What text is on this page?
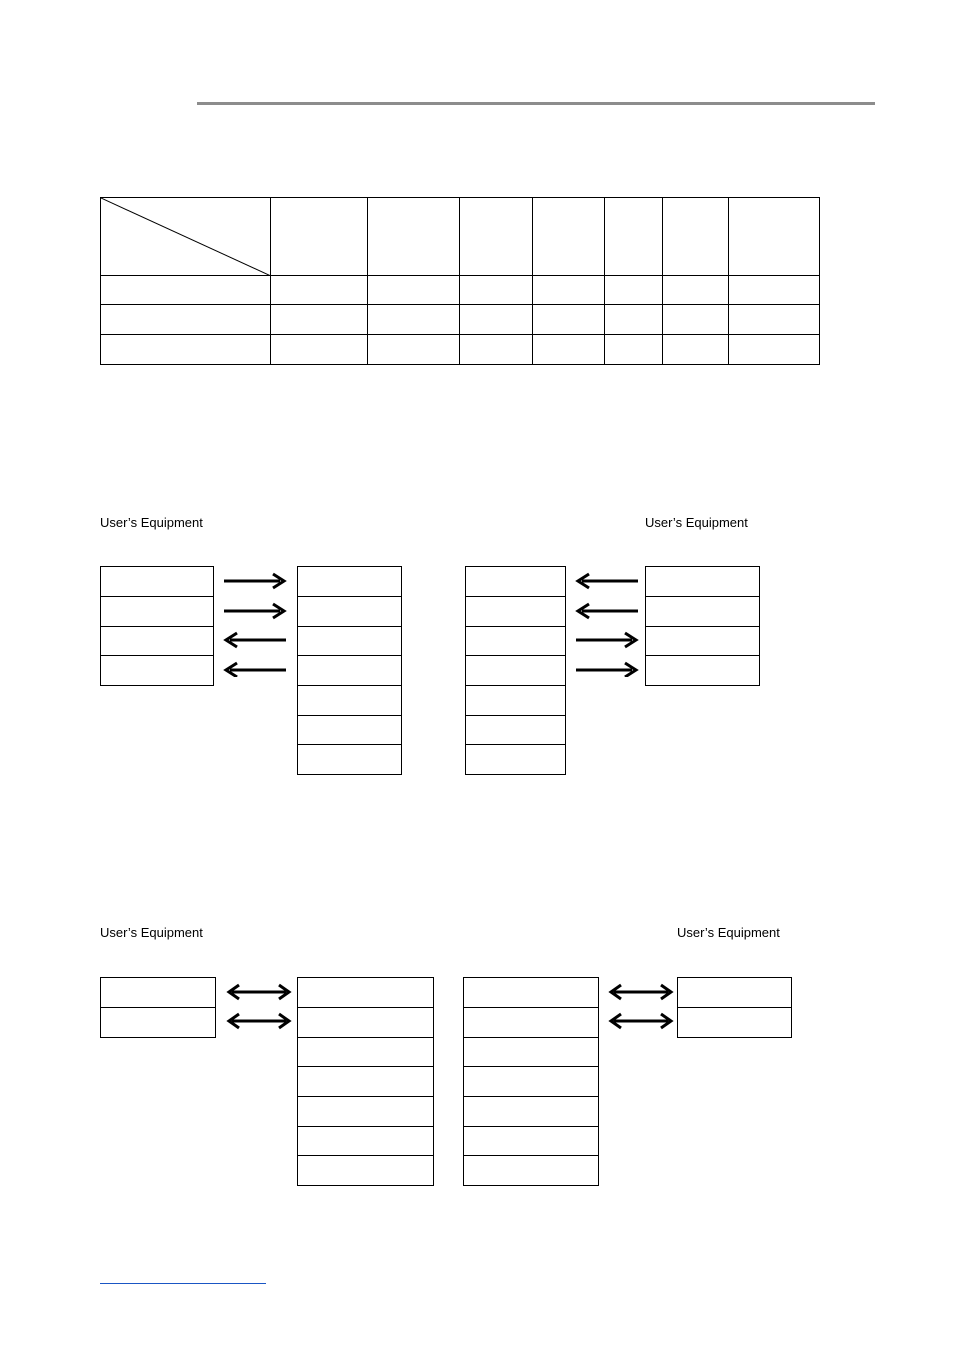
User’s Equipment	User’s Equipment
User’s Equipment	User’s Equipment
